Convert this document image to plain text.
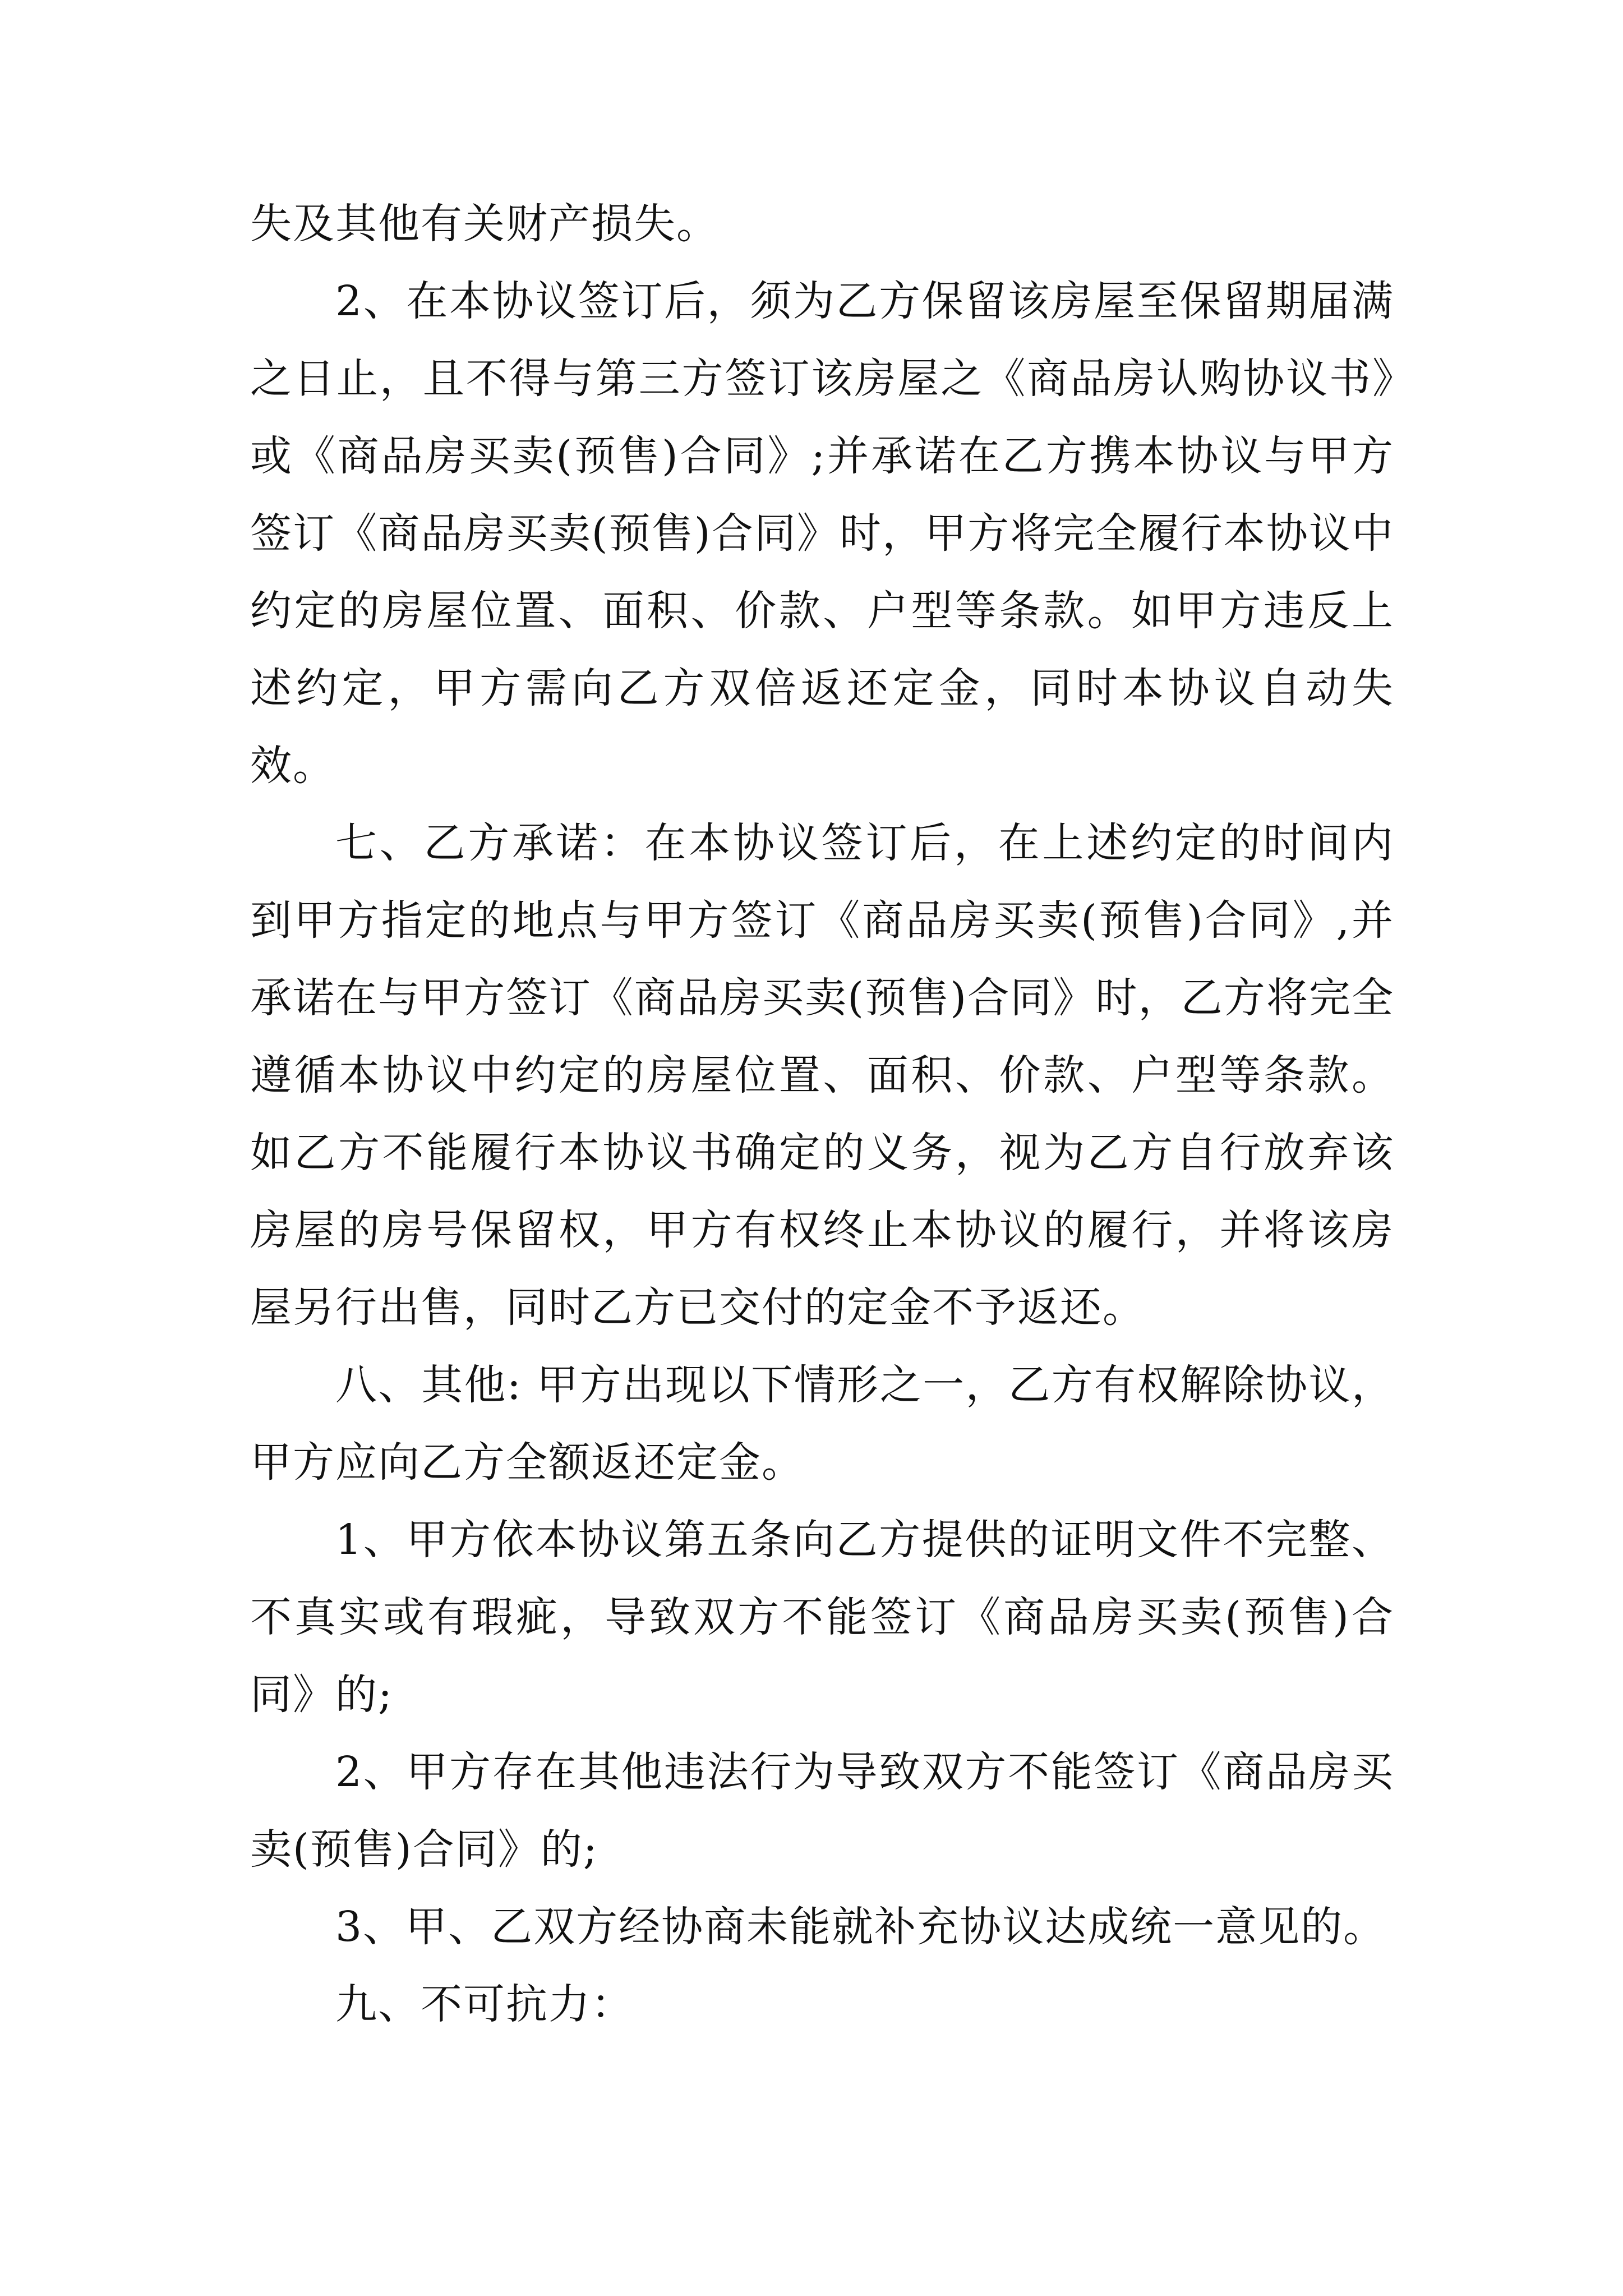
失及其他有关财产损失。

2、在本协议签订后，须为乙方保留该房屋至保留期届满之日止，且不得与第三方签订该房屋之《商品房认购协议书》或《商品房买卖(预售)合同》;并承诺在乙方携本协议与甲方签订《商品房买卖(预售)合同》时，甲方将完全履行本协议中约定的房屋位置、面积、价款、户型等条款。如甲方违反上述约定，甲方需向乙方双倍返还定金，同时本协议自动失效。

七、乙方承诺：在本协议签订后，在上述约定的时间内到甲方指定的地点与甲方签订《商品房买卖(预售)合同》,并承诺在与甲方签订《商品房买卖(预售)合同》时，乙方将完全遵循本协议中约定的房屋位置、面积、价款、户型等条款。如乙方不能履行本协议书确定的义务，视为乙方自行放弃该房屋的房号保留权，甲方有权终止本协议的履行，并将该房屋另行出售，同时乙方已交付的定金不予返还。

八、其他: 甲方出现以下情形之一，乙方有权解除协议，甲方应向乙方全额返还定金。

1、甲方依本协议第五条向乙方提供的证明文件不完整、不真实或有瑕疵，导致双方不能签订《商品房买卖(预售)合同》的;

2、甲方存在其他违法行为导致双方不能签订《商品房买卖(预售)合同》的;

3、甲、乙双方经协商未能就补充协议达成统一意见的。

九、不可抗力：
